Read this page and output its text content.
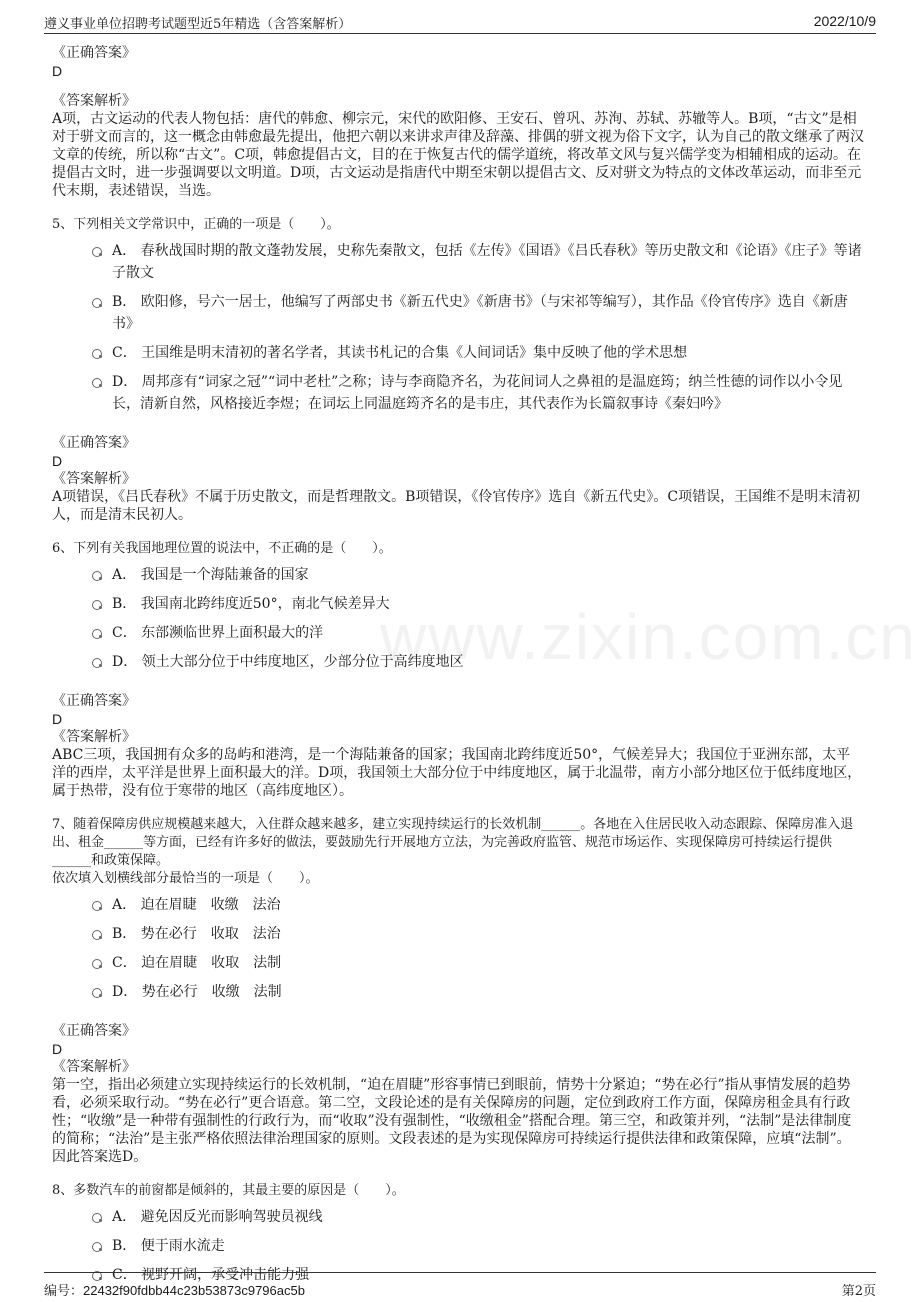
遵义事业单位招聘考试题型近5年精选（含答案解析）	2022/10/9
www.zixin.com.cn

《正确答案》

D

《答案解析》

A项，古文运动的代表人物包括：唐代的韩愈、柳宗元，宋代的欧阳修、王安石、曾巩、苏洵、苏轼、苏辙等人。B项，“古文”是相对于骈文而言的，这一概念由韩愈最先提出，他把六朝以来讲求声律及辞藻、排偶的骈文视为俗下文字，认为自己的散文继承了两汉文章的传统，所以称“古文”。C项，韩愈提倡古文，目的在于恢复古代的儒学道统，将改革文风与复兴儒学变为相辅相成的运动。在提倡古文时，进一步强调要以文明道。D项，古文运动是指唐代中期至宋朝以提倡古文、反对骈文为特点的文体改革运动，而非至元代末期，表述错误，当选。

5、下列相关文学常识中，正确的一项是（　　）。

A． 春秋战国时期的散文蓬勃发展，史称先秦散文，包括《左传》《国语》《吕氏春秋》等历史散文和《论语》《庄子》等诸子散文
B． 欧阳修，号六一居士，他编写了两部史书《新五代史》《新唐书》（与宋祁等编写），其作品《伶官传序》选自《新唐书》
C． 王国维是明末清初的著名学者，其读书札记的合集《人间词话》集中反映了他的学术思想
D． 周邦彦有“词家之冠”“词中老杜”之称；诗与李商隐齐名，为花间词人之鼻祖的是温庭筠；纳兰性德的词作以小令见长，清新自然，风格接近李煜；在词坛上同温庭筠齐名的是韦庄，其代表作为长篇叙事诗《秦妇吟》

《正确答案》

D

《答案解析》

A项错误，《吕氏春秋》不属于历史散文，而是哲理散文。B项错误，《伶官传序》选自《新五代史》。C项错误，王国维不是明末清初人，而是清末民初人。

6、下列有关我国地理位置的说法中，不正确的是（　　）。

A． 我国是一个海陆兼备的国家
B． 我国南北跨纬度近50°，南北气候差异大
C． 东部濒临世界上面积最大的洋
D． 领土大部分位于中纬度地区，少部分位于高纬度地区

《正确答案》

D

《答案解析》

ABC三项，我国拥有众多的岛屿和港湾，是一个海陆兼备的国家；我国南北跨纬度近50°，气候差异大；我国位于亚洲东部，太平洋的西岸，太平洋是世界上面积最大的洋。D项，我国领土大部分位于中纬度地区，属于北温带，南方小部分地区位于低纬度地区，属于热带，没有位于寒带的地区（高纬度地区）。

7、随着保障房供应规模越来越大，入住群众越来越多，建立实现持续运行的长效机制______。各地在入住居民收入动态跟踪、保障房准入退出、租金______等方面，已经有许多好的做法，要鼓励先行开展地方立法，为完善政府监管、规范市场运作、实现保障房可持续运行提供______和政策保障。

依次填入划横线部分最恰当的一项是（　　）。

A． 迫在眉睫　收缴　法治
B． 势在必行　收取　法治
C． 迫在眉睫　收取　法制
D． 势在必行　收缴　法制

《正确答案》

D

《答案解析》

第一空，指出必须建立实现持续运行的长效机制，“迫在眉睫”形容事情已到眼前，情势十分紧迫；“势在必行”指从事情发展的趋势看，必须采取行动。“势在必行”更合语意。第二空，文段论述的是有关保障房的问题，定位到政府工作方面，保障房租金具有行政性；“收缴”是一种带有强制性的行政行为，而“收取”没有强制性，“收缴租金”搭配合理。第三空，和政策并列，“法制”是法律制度的简称；“法治”是主张严格依照法律治理国家的原则。文段表述的是为实现保障房可持续运行提供法律和政策保障，应填“法制”。因此答案选D。

8、多数汽车的前窗都是倾斜的，其最主要的原因是（　　）。

A． 避免因反光而影响驾驶员视线
B． 便于雨水流走
C． 视野开阔，承受冲击能力强
编号：22432f90fdbb44c23b53873c9796ac5b	第2页
